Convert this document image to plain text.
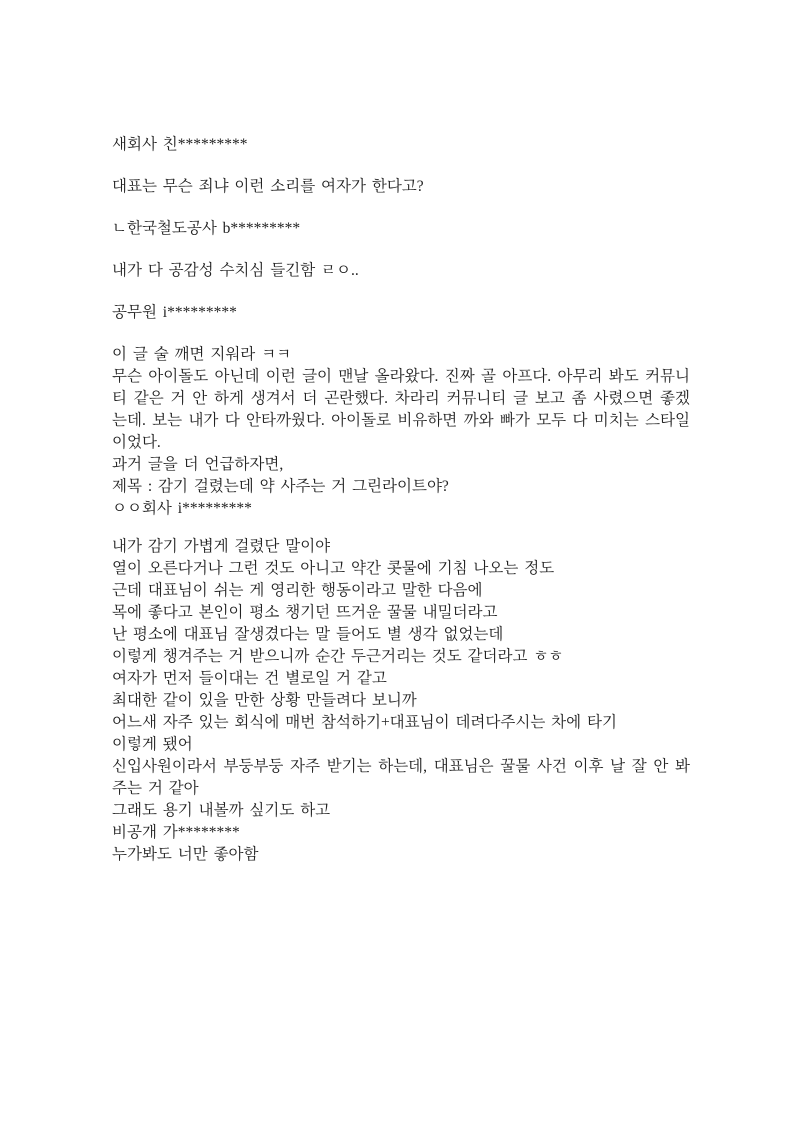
새회사 친*********

대표는 무슨 죄냐 이런 소리를 여자가 한다고?

ㄴ한국철도공사 b*********

내가 다 공감성 수치심 들긴함 ㄹㅇ..

공무원 i*********

이 글 술 깨면 지워라 ㅋㅋ

무슨 아이돌도 아닌데 이런 글이 맨날 올라왔다. 진짜 골 아프다. 아무리 봐도 커뮤니티 같은 거 안 하게 생겨서 더 곤란했다. 차라리 커뮤니티 글 보고 좀 사렸으면 좋겠는데. 보는 내가 다 안타까웠다. 아이돌로 비유하면 까와 빠가 모두 다 미치는 스타일이었다.

과거 글을 더 언급하자면,

제목 : 감기 걸렸는데 약 사주는 거 그린라이트야?

ㅇㅇ회사 i*********

내가 감기 가볍게 걸렸단 말이야

열이 오른다거나 그런 것도 아니고 약간 콧물에 기침 나오는 정도

근데 대표님이 쉬는 게 영리한 행동이라고 말한 다음에

목에 좋다고 본인이 평소 챙기던 뜨거운 꿀물 내밀더라고

난 평소에 대표님 잘생겼다는 말 들어도 별 생각 없었는데

이렇게 챙겨주는 거 받으니까 순간 두근거리는 것도 같더라고 ㅎㅎ

여자가 먼저 들이대는 건 별로일 거 같고

최대한 같이 있을 만한 상황 만들려다 보니까

어느새 자주 있는 회식에 매번 참석하기+대표님이 데려다주시는 차에 타기

이렇게 됐어

신입사원이라서 부둥부둥 자주 받기는 하는데, 대표님은 꿀물 사건 이후 날 잘 안 봐주는 거 같아

그래도 용기 내볼까 싶기도 하고

비공개 가********

누가봐도 너만 좋아함
